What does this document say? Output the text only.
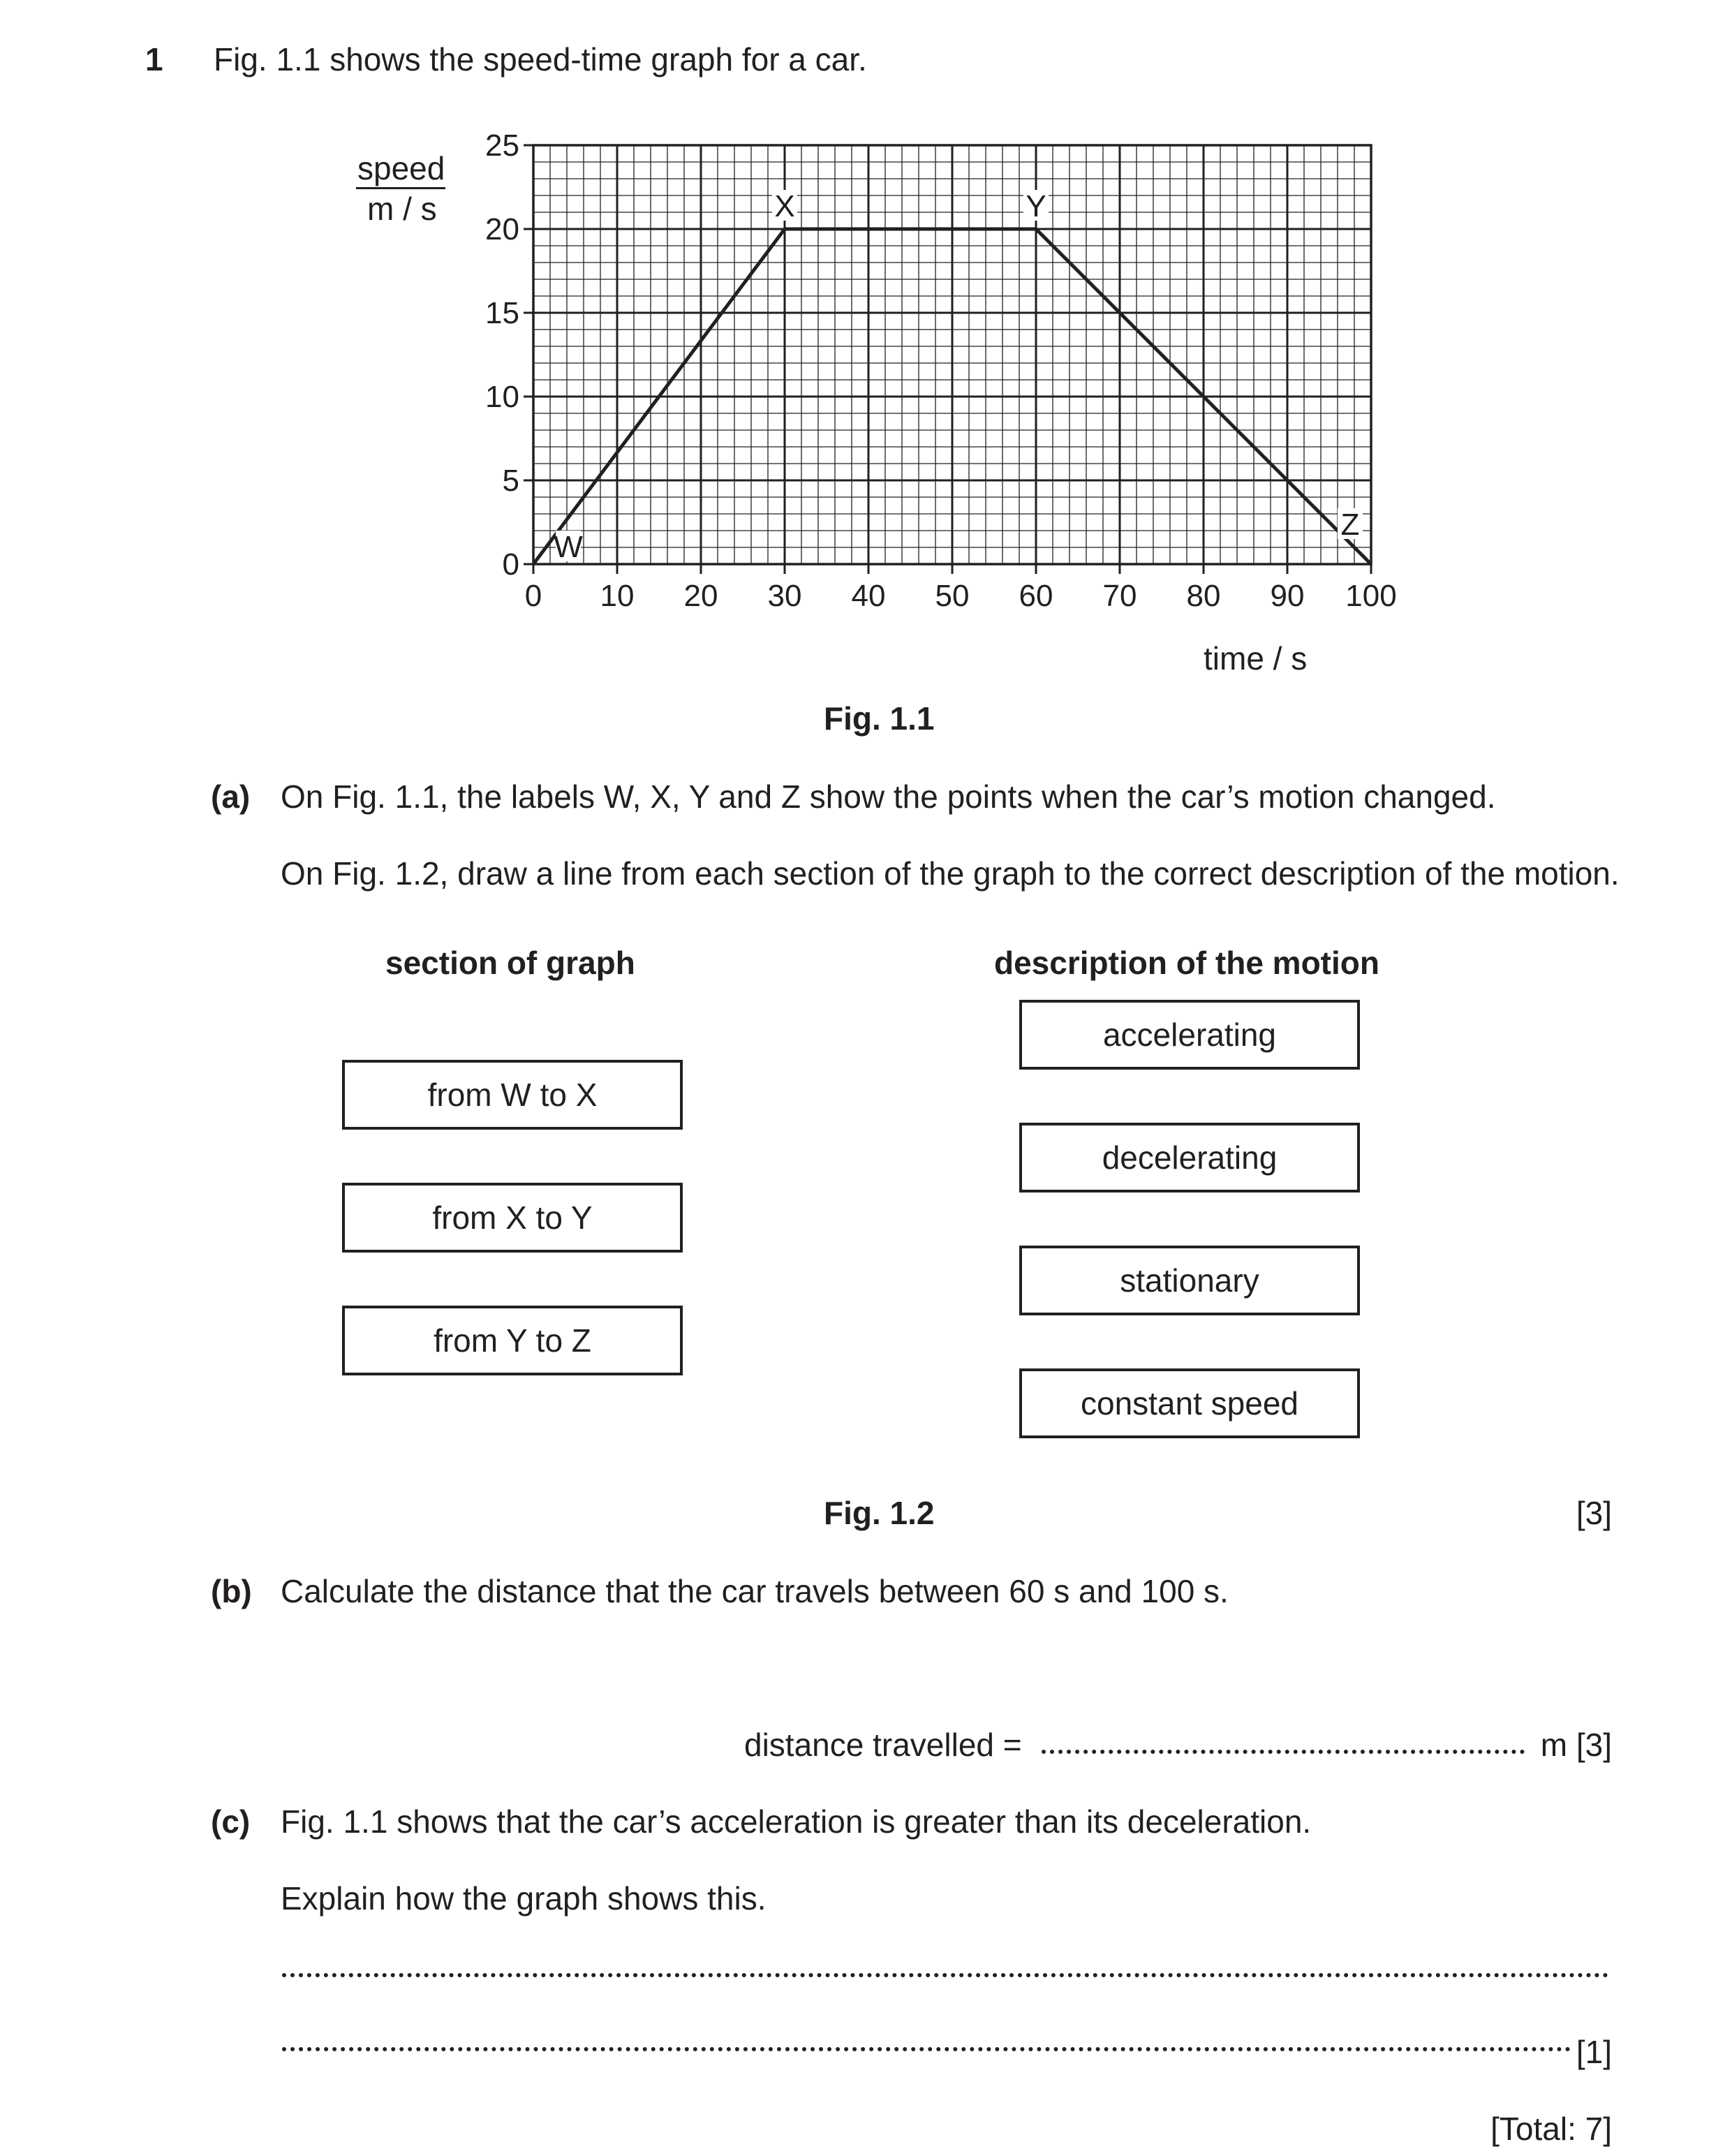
1 Fig. 1.1 shows the speed-time graph for a car.
0 10 20 30 40 50 60 70 80 90 100
0
5
10
15
20
25
W
X	Y
Z
speed
m / s
time / s
Fig. 1.1
(a) On Fig. 1.1, the labels W, X, Y and Z show the points when the car’s motion changed.
On Fig. 1.2, draw a line from each section of the graph to the correct description of the motion.
section of graph	description of the motion
from W to X
from X to Y
from Y to Z
accelerating
decelerating
stationary
constant speed
Fig. 1.2	[3]
(b) Calculate the distance that the car travels between 60 s and 100 s.
distance travelled =	m [3]
(c) Fig. 1.1 shows that the car’s acceleration is greater than its deceleration.
Explain how the graph shows this.
[1]
[Total: 7]
